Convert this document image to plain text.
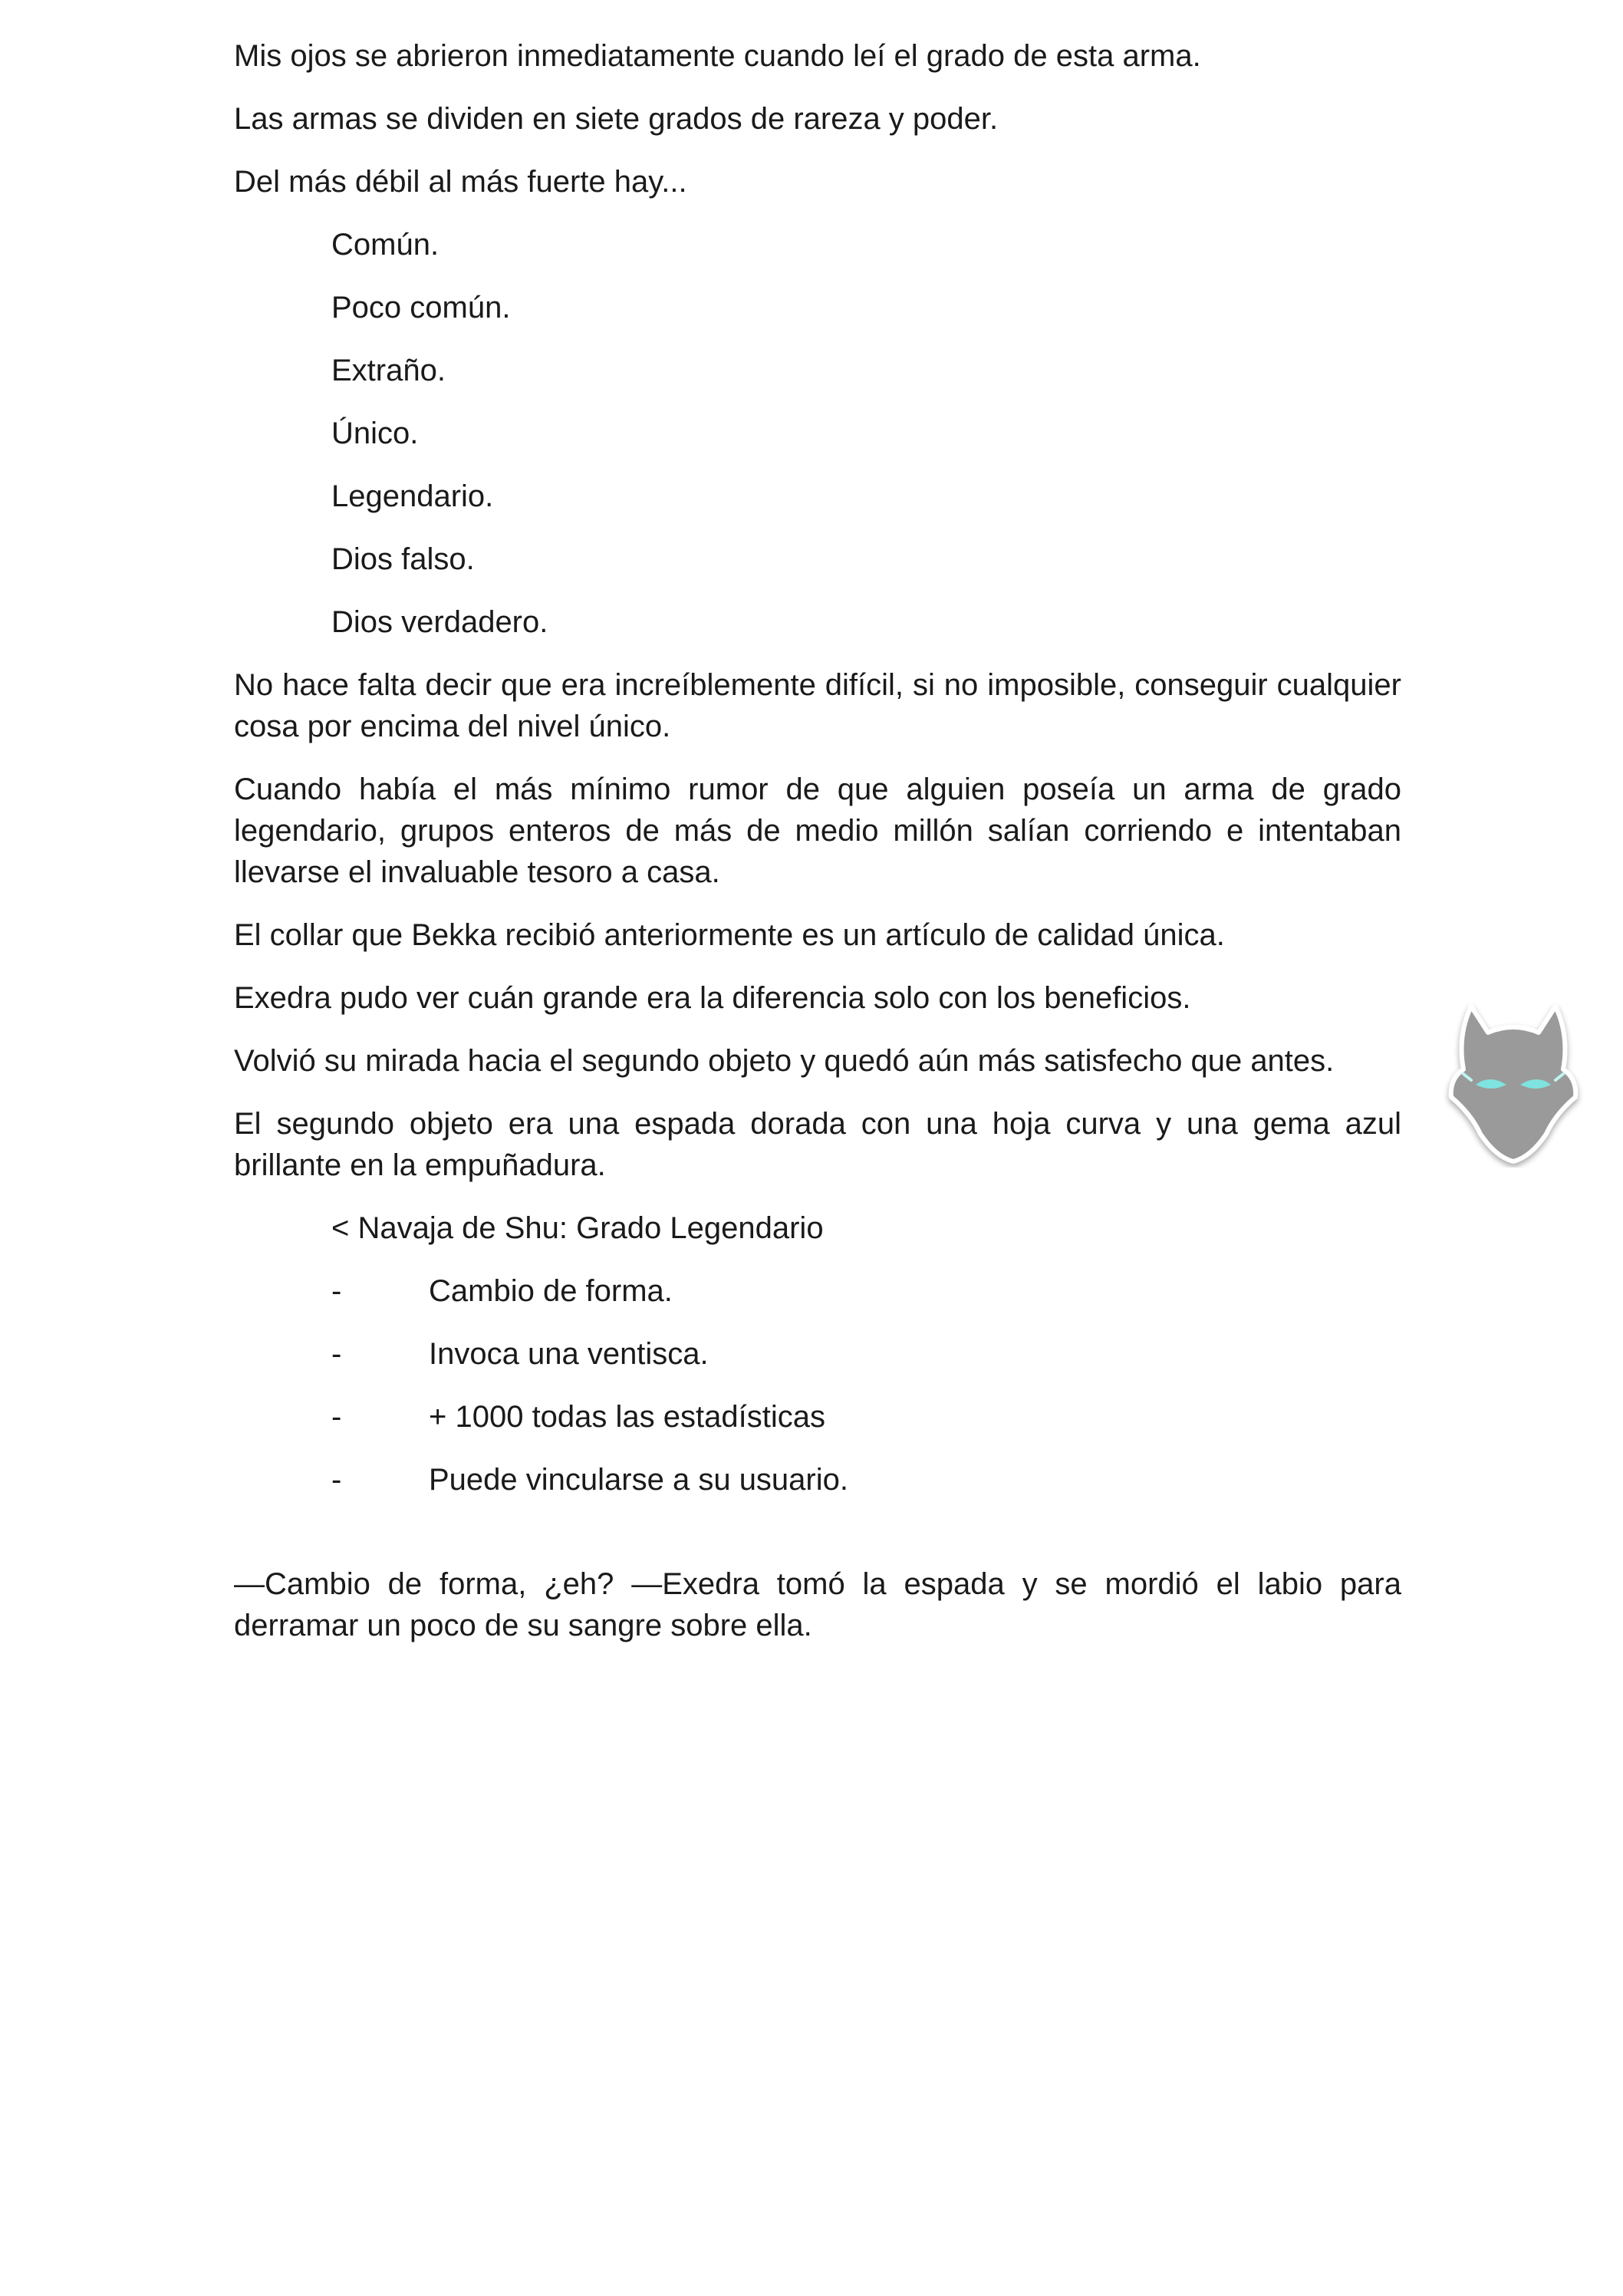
Mis ojos se abrieron inmediatamente cuando leí el grado de esta arma.

Las armas se dividen en siete grados de rareza y poder.

Del más débil al más fuerte hay...

Común.
Poco común.
Extraño.
Único.
Legendario.
Dios falso.
Dios verdadero.

No hace falta decir que era increíblemente difícil, si no imposible, conseguir cualquier cosa por encima del nivel único.

Cuando había el más mínimo rumor de que alguien poseía un arma de grado legendario, grupos enteros de más de medio millón salían corriendo e intentaban llevarse el invaluable tesoro a casa.

El collar que Bekka recibió anteriormente es un artículo de calidad única.

Exedra pudo ver cuán grande era la diferencia solo con los beneficios.

Volvió su mirada hacia el segundo objeto y quedó aún más satisfecho que antes.

El segundo objeto era una espada dorada con una hoja curva y una gema azul brillante en la empuñadura.

< Navaja de Shu: Grado Legendario

-	Cambio de forma.
-	Invoca una ventisca.
-	+ 1000 todas las estadísticas
-	Puede vincularse a su usuario.

—Cambio de forma, ¿eh? —Exedra tomó la espada y se mordió el labio para derramar un poco de su sangre sobre ella.
